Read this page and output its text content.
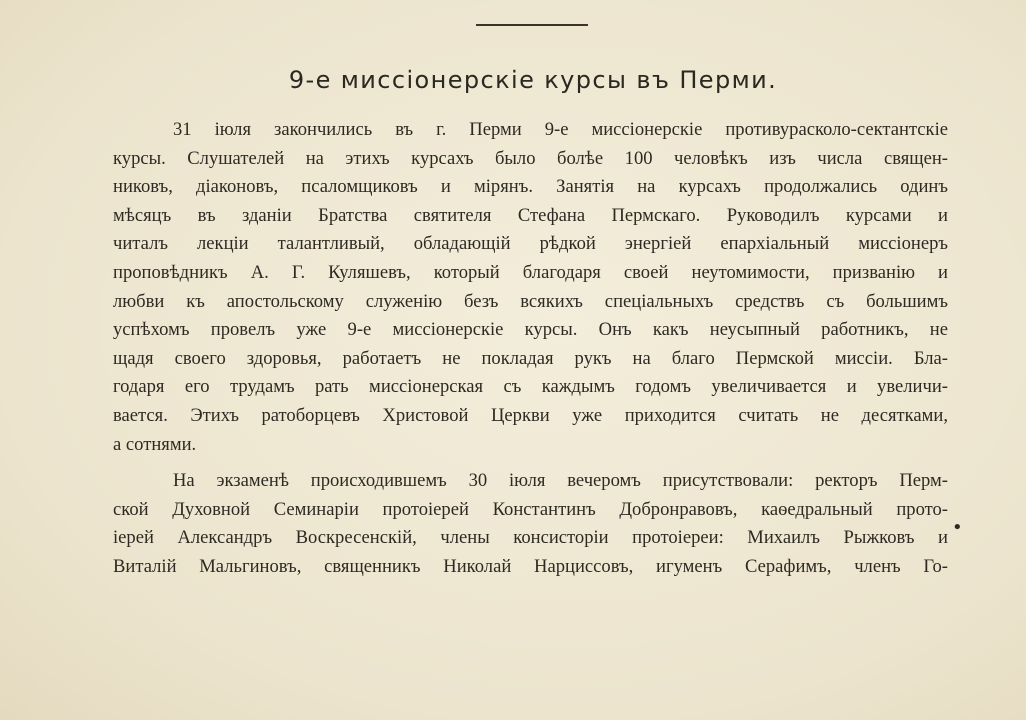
9-е миссіонерскіе курсы въ Перми.
31 іюля закончились въ г. Перми 9-е миссіонерскіе противураcколо-сектантскіе
курсы. Слушателей на этихъ курсахъ было болѣе 100 человѣкъ изъ числа священ-
никовъ, діаконовъ, псаломщиковъ и мірянъ. Занятія на курсахъ продолжались одинъ
мѣсяцъ въ зданіи Братства святителя Стефана Пермскаго. Руководилъ курсами и
читалъ лекціи талантливый, обладающій рѣдкой энергіей епархіальный миссіонеръ
проповѣдникъ А. Г. Куляшевъ, который благодаря своей неутомимости, призванію и
любви къ апостольскому служенію безъ всякихъ спеціальныхъ средствъ съ большимъ
успѣхомъ провелъ уже 9-е миссіонерскіе курсы. Онъ какъ неусыпный работникъ, не
щадя своего здоровья, работаетъ не покладая рукъ на благо Пермской миссіи. Бла-
годаря его трудамъ рать миссіонерская съ каждымъ годомъ увеличивается и увеличи-
вается. Этихъ ратоборцевъ Христовой Церкви уже приходится считать не десятками,
а сотнями.
На экзаменѣ происходившемъ 30 іюля вечеромъ присутствовали: ректоръ Перм-
ской Духовной Семинаріи протоіерей Константинъ Добронравовъ, каѳедральный прото-
іерей Александръ Воскресенскій, члены консисторіи протоіереи: Михаилъ Рыжковъ и
Виталій Мальгиновъ, священникъ Николай Нарциссовъ, игуменъ Серафимъ, членъ Го-
•
